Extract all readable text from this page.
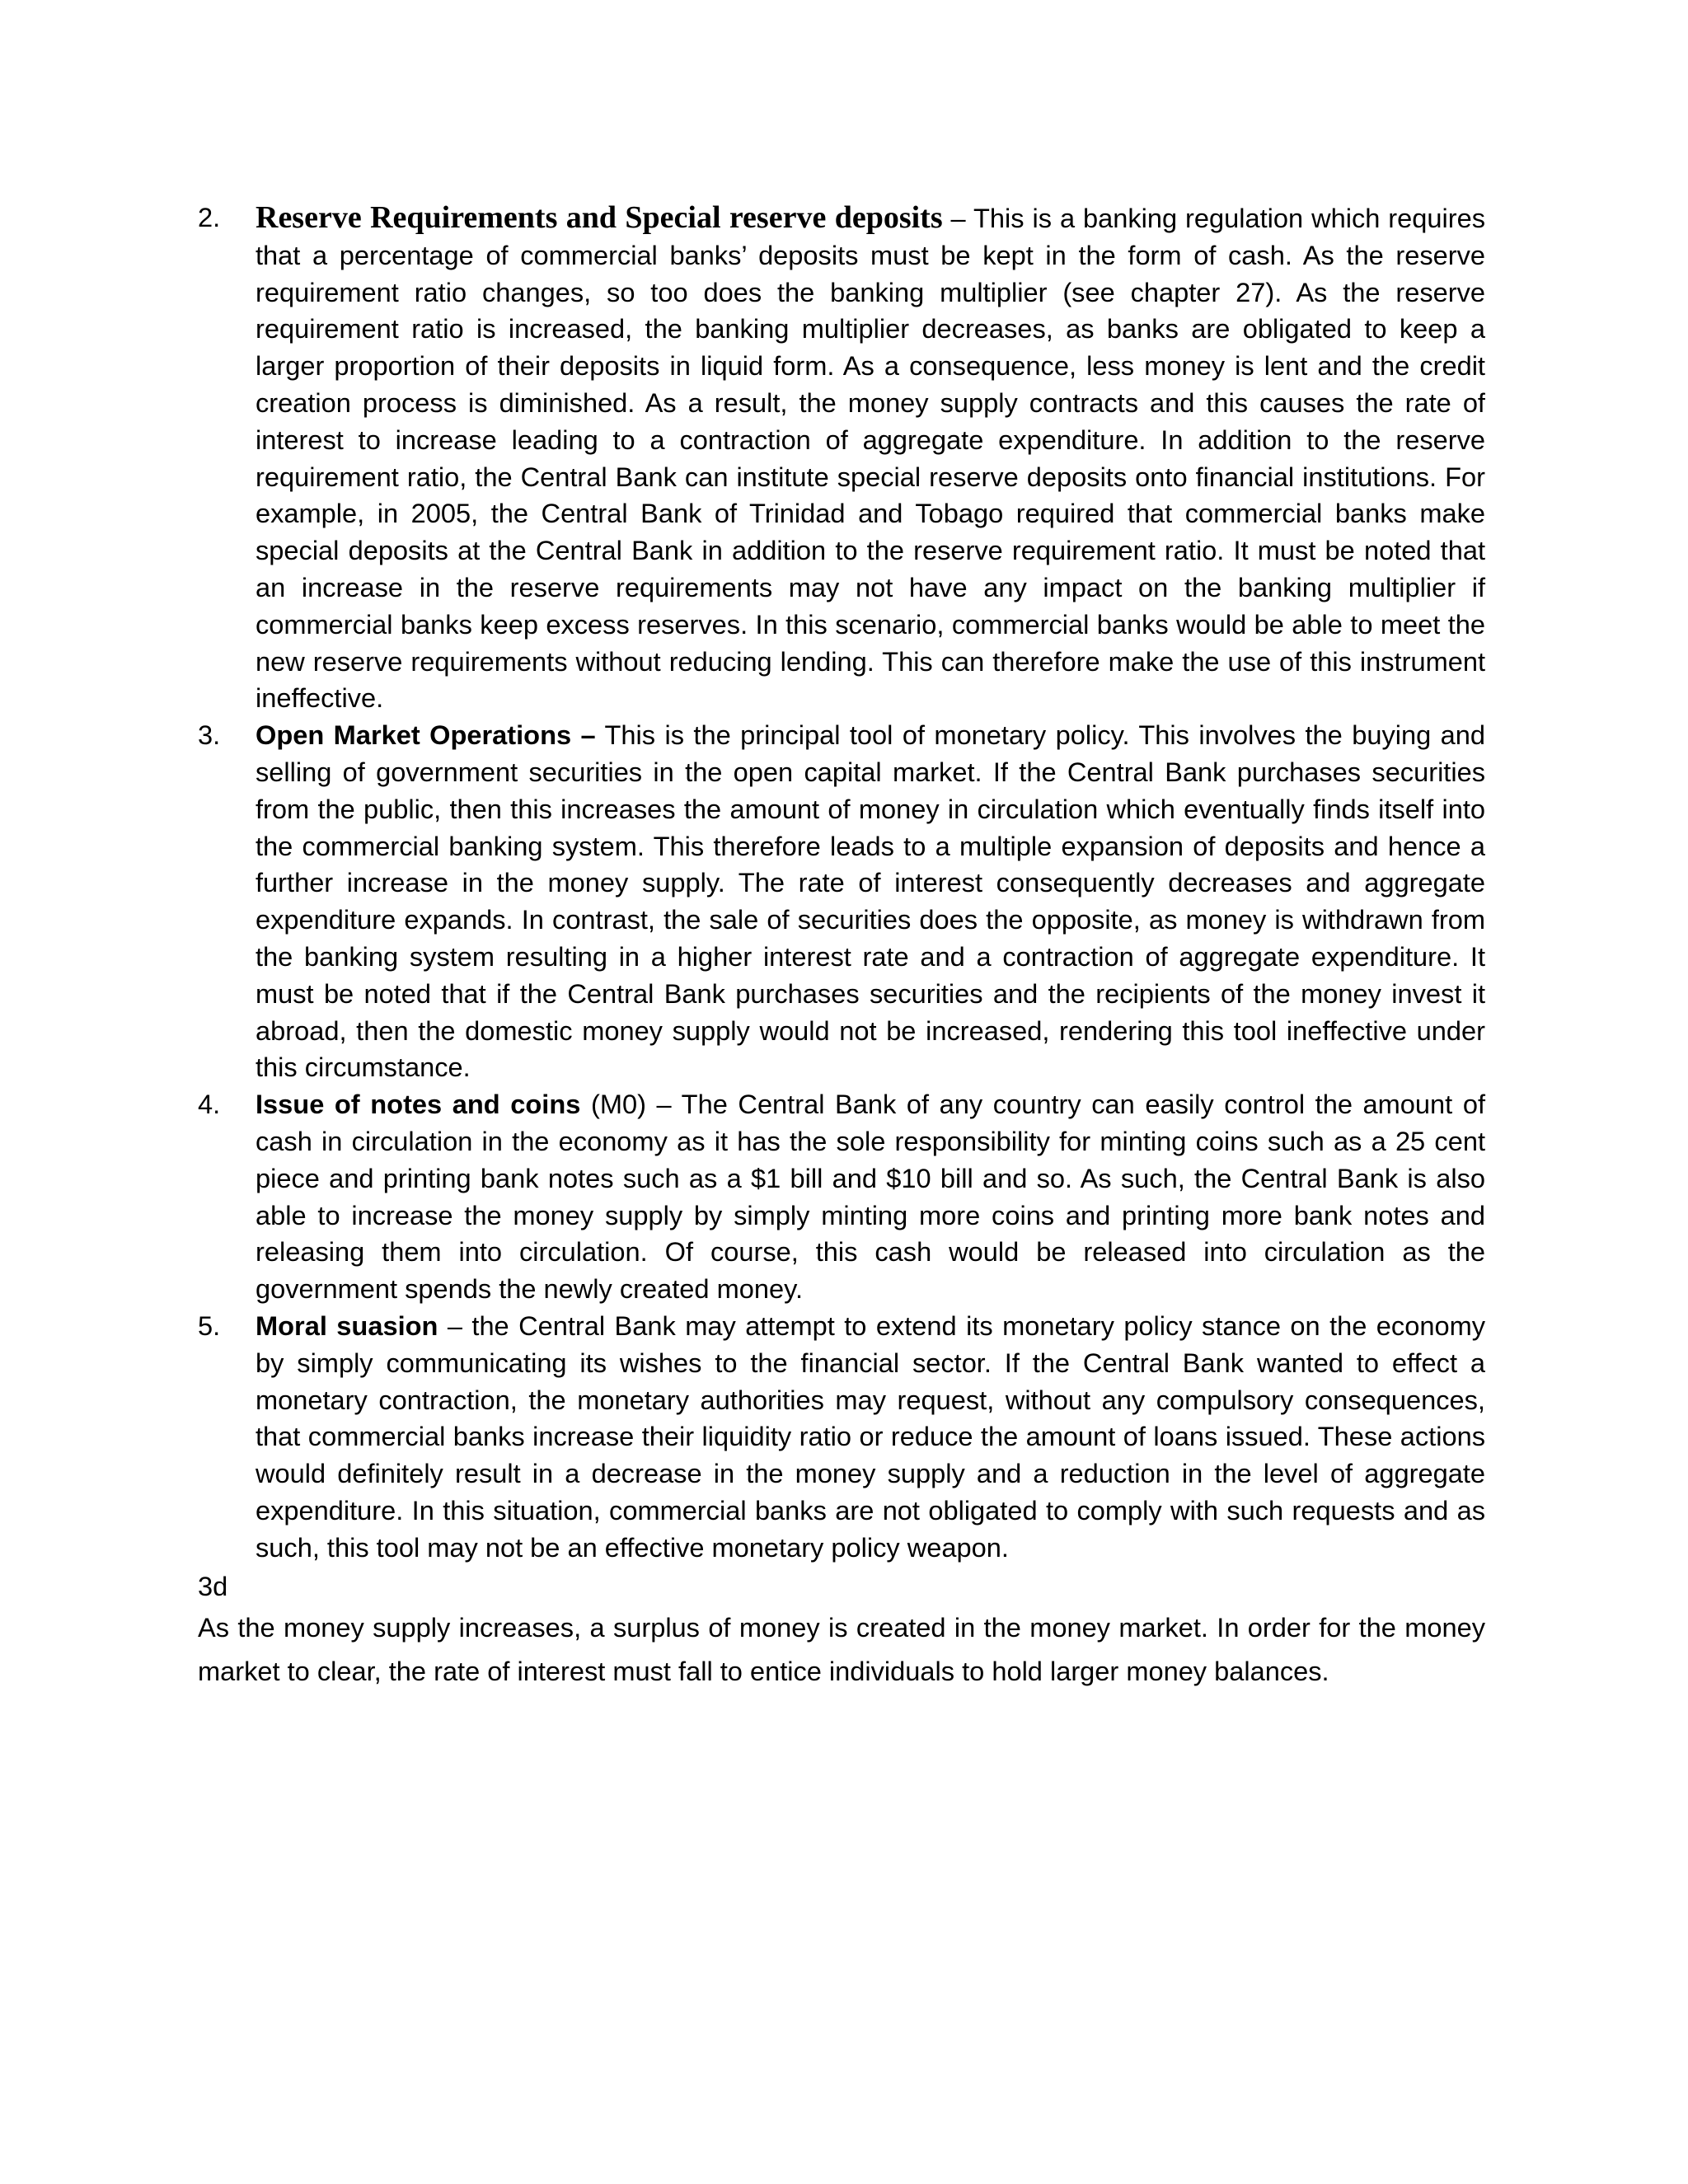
2. Reserve Requirements and Special reserve deposits – This is a banking regulation which requires that a percentage of commercial banks’ deposits must be kept in the form of cash. As the reserve requirement ratio changes, so too does the banking multiplier (see chapter 27). As the reserve requirement ratio is increased, the banking multiplier decreases, as banks are obligated to keep a larger proportion of their deposits in liquid form. As a consequence, less money is lent and the credit creation process is diminished. As a result, the money supply contracts and this causes the rate of interest to increase leading to a contraction of aggregate expenditure. In addition to the reserve requirement ratio, the Central Bank can institute special reserve deposits onto financial institutions. For example, in 2005, the Central Bank of Trinidad and Tobago required that commercial banks make special deposits at the Central Bank in addition to the reserve requirement ratio. It must be noted that an increase in the reserve requirements may not have any impact on the banking multiplier if commercial banks keep excess reserves. In this scenario, commercial banks would be able to meet the new reserve requirements without reducing lending. This can therefore make the use of this instrument ineffective.
3. Open Market Operations – This is the principal tool of monetary policy. This involves the buying and selling of government securities in the open capital market. If the Central Bank purchases securities from the public, then this increases the amount of money in circulation which eventually finds itself into the commercial banking system. This therefore leads to a multiple expansion of deposits and hence a further increase in the money supply. The rate of interest consequently decreases and aggregate expenditure expands. In contrast, the sale of securities does the opposite, as money is withdrawn from the banking system resulting in a higher interest rate and a contraction of aggregate expenditure. It must be noted that if the Central Bank purchases securities and the recipients of the money invest it abroad, then the domestic money supply would not be increased, rendering this tool ineffective under this circumstance.
4. Issue of notes and coins (M0) – The Central Bank of any country can easily control the amount of cash in circulation in the economy as it has the sole responsibility for minting coins such as a 25 cent piece and printing bank notes such as a $1 bill and $10 bill and so. As such, the Central Bank is also able to increase the money supply by simply minting more coins and printing more bank notes and releasing them into circulation. Of course, this cash would be released into circulation as the government spends the newly created money.
5. Moral suasion – the Central Bank may attempt to extend its monetary policy stance on the economy by simply communicating its wishes to the financial sector. If the Central Bank wanted to effect a monetary contraction, the monetary authorities may request, without any compulsory consequences, that commercial banks increase their liquidity ratio or reduce the amount of loans issued. These actions would definitely result in a decrease in the money supply and a reduction in the level of aggregate expenditure. In this situation, commercial banks are not obligated to comply with such requests and as such, this tool may not be an effective monetary policy weapon.
3d

As the money supply increases, a surplus of money is created in the money market. In order for the money market to clear, the rate of interest must fall to entice individuals to hold larger money balances.
